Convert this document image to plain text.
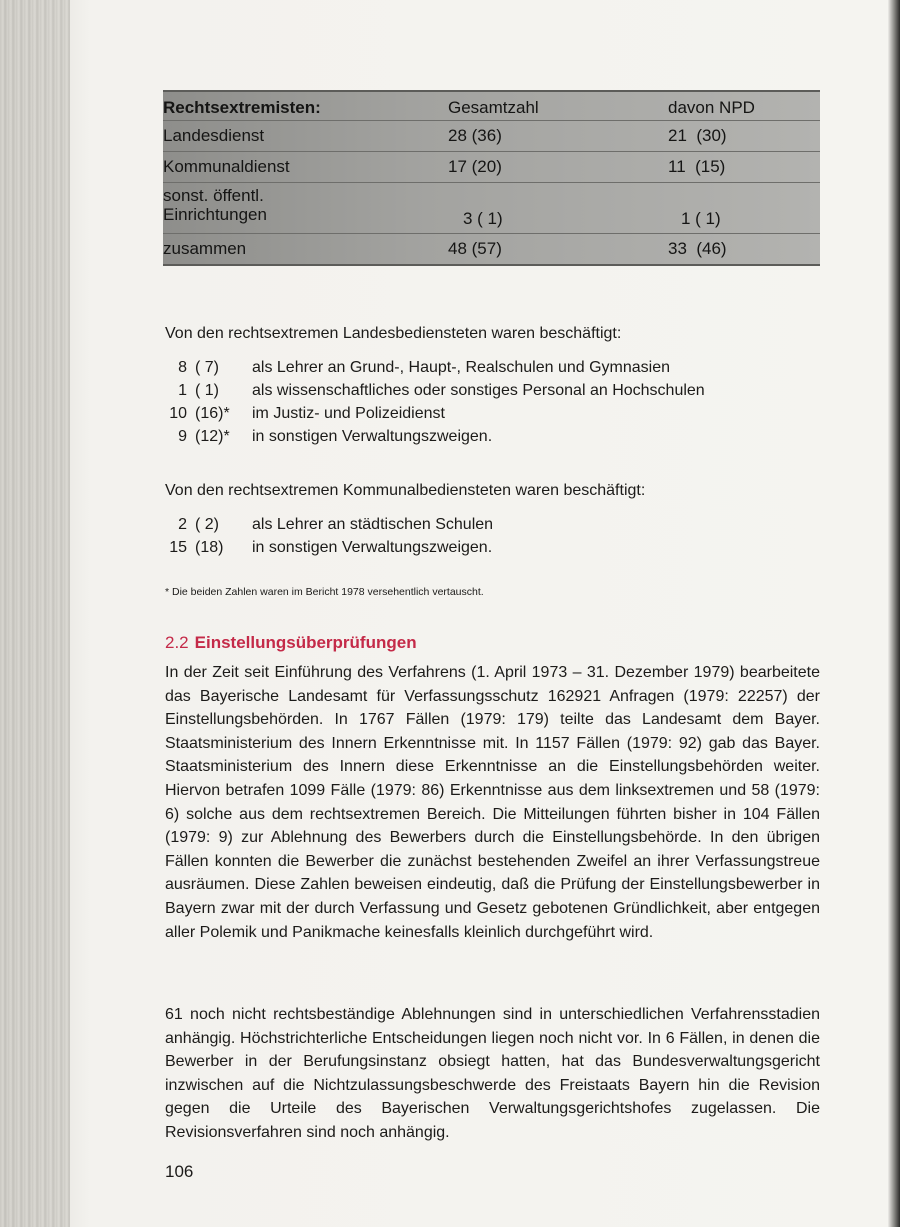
Rechtsextremisten:	Gesamtzahl	davon NPD
Landesdienst	28 (36)	21  (30)
Kommunaldienst	17 (20)	11  (15)
sonst. öffentl.
Einrichtungen	3 ( 1)	1 ( 1)
zusammen	48 (57)	33  (46)

Von den rechtsextremen Landesbediensteten waren beschäftigt:

8 ( 7) als Lehrer an Grund-, Haupt-, Realschulen und Gymnasien
1 ( 1) als wissenschaftliches oder sonstiges Personal an Hochschulen
10 (16)* im Justiz- und Polizeidienst
9 (12)* in sonstigen Verwaltungszweigen.

Von den rechtsextremen Kommunalbediensteten waren beschäftigt:

2 ( 2) als Lehrer an städtischen Schulen
15 (18) in sonstigen Verwaltungszweigen.
* Die beiden Zahlen waren im Bericht 1978 versehentlich vertauscht.
2.2 Einstellungsüberprüfungen

In der Zeit seit Einführung des Verfahrens (1. April 1973 – 31. Dezember 1979) bearbeitete das Bayerische Landesamt für Verfassungsschutz 162921 Anfragen (1979: 22257) der Einstellungsbehörden. In 1767 Fällen (1979: 179) teilte das Landesamt dem Bayer. Staatsministerium des Innern Erkenntnisse mit. In 1157 Fällen (1979: 92) gab das Bayer. Staatsministerium des Innern diese Erkenntnisse an die Einstellungsbehörden weiter. Hiervon betrafen 1099 Fälle (1979: 86) Erkenntnisse aus dem linksextremen und 58 (1979: 6) solche aus dem rechtsextremen Bereich. Die Mitteilungen führten bisher in 104 Fällen (1979: 9) zur Ablehnung des Bewerbers durch die Einstellungsbehörde. In den übrigen Fällen konnten die Bewerber die zunächst bestehenden Zweifel an ihrer Verfassungstreue ausräumen. Diese Zahlen beweisen eindeutig, daß die Prüfung der Einstellungsbewerber in Bayern zwar mit der durch Verfassung und Gesetz gebotenen Gründlichkeit, aber entgegen aller Polemik und Panikmache keinesfalls kleinlich durchgeführt wird.

61 noch nicht rechtsbeständige Ablehnungen sind in unterschiedlichen Verfahrensstadien anhängig. Höchstrichterliche Entscheidungen liegen noch nicht vor. In 6 Fällen, in denen die Bewerber in der Berufungsinstanz obsiegt hatten, hat das Bundesverwaltungsgericht inzwischen auf die Nichtzulassungsbeschwerde des Freistaats Bayern hin die Revision gegen die Urteile des Bayerischen Verwaltungsgerichtshofes zugelassen. Die Revisionsverfahren sind noch anhängig.

106
